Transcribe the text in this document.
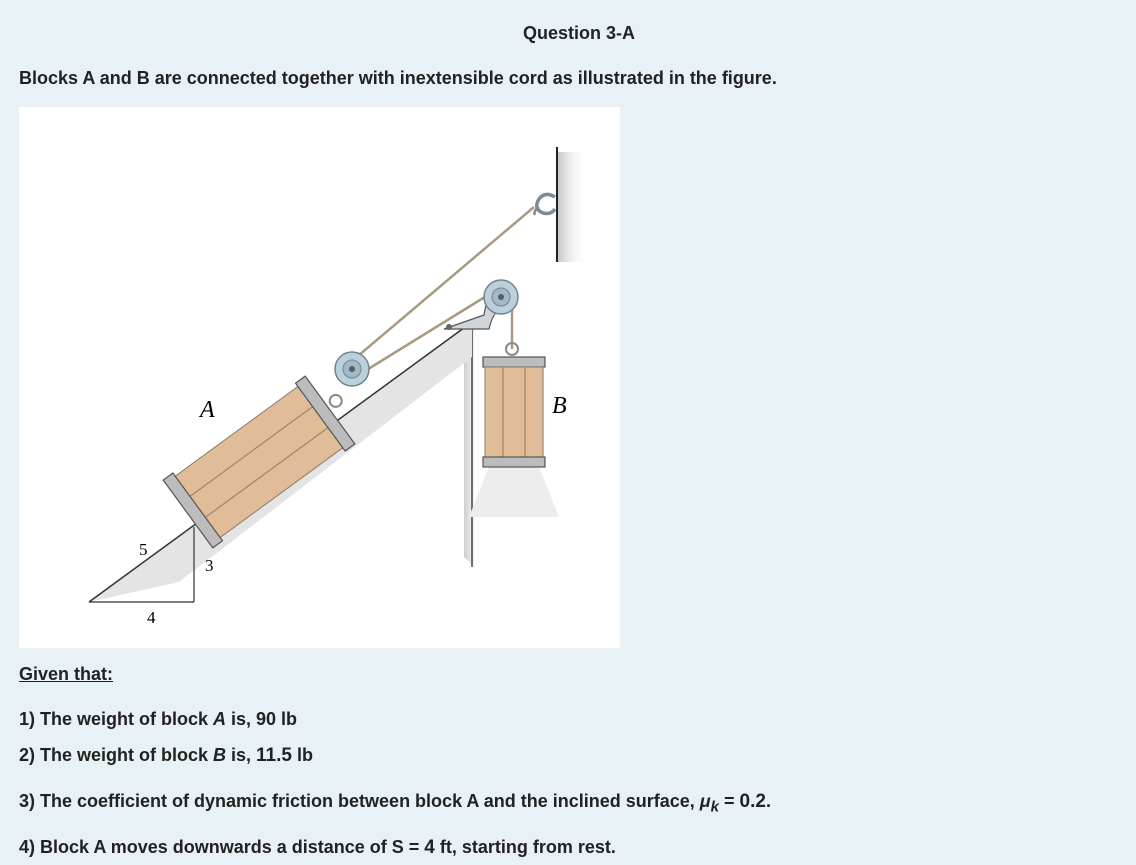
Question 3-A
Blocks A and B are connected together with inextensible cord as illustrated in the figure.
5
3
4
A	B
Given that:
1) The weight of block A is, 90 lb
2) The weight of block B is, 11.5 lb
3) The coefficient of dynamic friction between block A and the inclined surface, $\mu_k = 0.2$.
4) Block A moves downwards a distance of S = 4 ft, starting from rest.
